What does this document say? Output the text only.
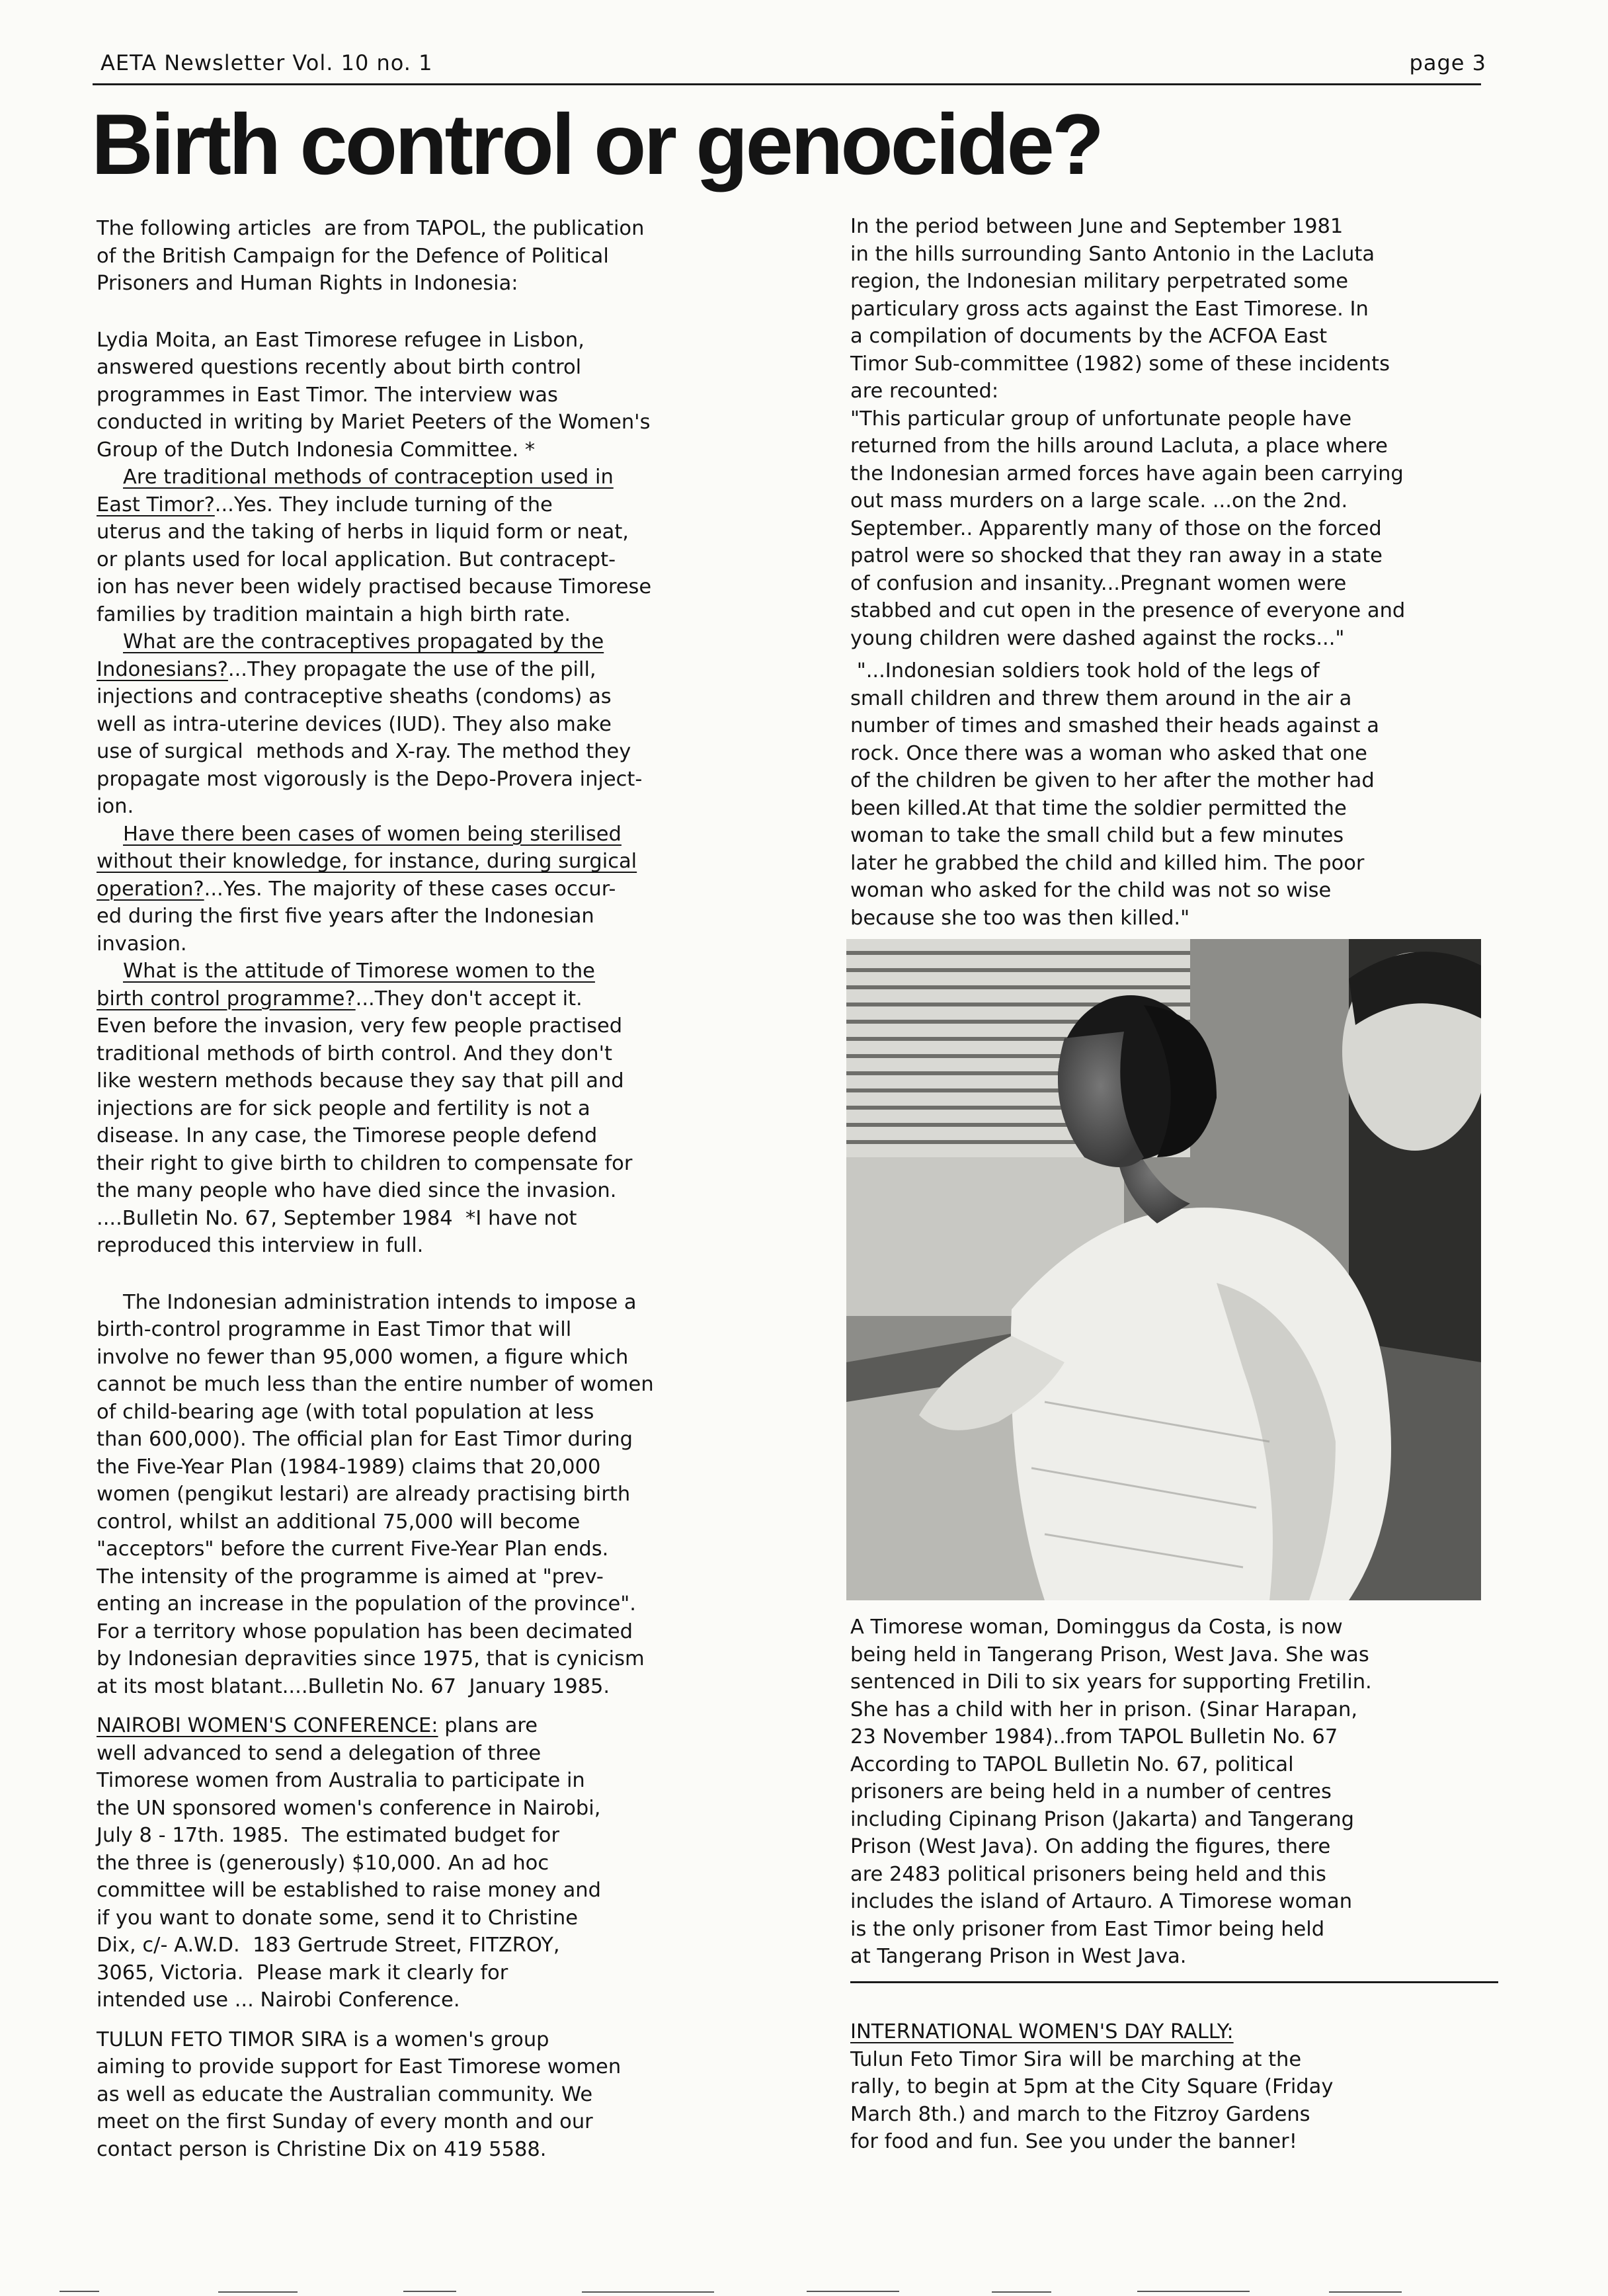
AETA Newsletter Vol. 10 no. 1	page 3
Birth control or genocide?

The following articles  are from TAPOL, the publication
of the British Campaign for the Defence of Political
Prisoners and Human Rights in Indonesia:

Lydia Moita, an East Timorese refugee in Lisbon,
answered questions recently about birth control
programmes in East Timor. The interview was
conducted in writing by Mariet Peeters of the Women's
Group of the Dutch Indonesia Committee. *

Are traditional methods of contraception used in
East Timor?...Yes. They include turning of the
uterus and the taking of herbs in liquid form or neat,
or plants used for local application. But contracept-
ion has never been widely practised because Timorese
families by tradition maintain a high birth rate.

What are the contraceptives propagated by the
Indonesians?...They propagate the use of the pill,
injections and contraceptive sheaths (condoms) as
well as intra-uterine devices (IUD). They also make
use of surgical  methods and X-ray. The method they
propagate most vigorously is the Depo-Provera inject-
ion.

Have there been cases of women being sterilised
without their knowledge, for instance, during surgical
operation?...Yes. The majority of these cases occur-
ed during the first five years after the Indonesian
invasion.

What is the attitude of Timorese women to the
birth control programme?...They don't accept it.
Even before the invasion, very few people practised
traditional methods of birth control. And they don't
like western methods because they say that pill and
injections are for sick people and fertility is not a
disease. In any case, the Timorese people defend
their right to give birth to children to compensate for
the many people who have died since the invasion.
....Bulletin No. 67, September 1984  *I have not
reproduced this interview in full.

The Indonesian administration intends to impose a
birth-control programme in East Timor that will
involve no fewer than 95,000 women, a figure which
cannot be much less than the entire number of women
of child-bearing age (with total population at less
than 600,000). The official plan for East Timor during
the Five-Year Plan (1984-1989) claims that 20,000
women (pengikut lestari) are already practising birth
control, whilst an additional 75,000 will become
"acceptors" before the current Five-Year Plan ends.
The intensity of the programme is aimed at "prev-
enting an increase in the population of the province".
For a territory whose population has been decimated
by Indonesian depravities since 1975, that is cynicism
at its most blatant....Bulletin No. 67  January 1985.

NAIROBI WOMEN'S CONFERENCE: plans are
well advanced to send a delegation of three
Timorese women from Australia to participate in
the UN sponsored women's conference in Nairobi,
July 8 - 17th. 1985.  The estimated budget for
the three is (generously) $10,000. An ad hoc
committee will be established to raise money and
if you want to donate some, send it to Christine
Dix, c/- A.W.D.  183 Gertrude Street, FITZROY,
3065, Victoria.  Please mark it clearly for
intended use ... Nairobi Conference.

TULUN FETO TIMOR SIRA is a women's group
aiming to provide support for East Timorese women
as well as educate the Australian community. We
meet on the first Sunday of every month and our
contact person is Christine Dix on 419 5588.

In the period between June and September 1981
in the hills surrounding Santo Antonio in the Lacluta
region, the Indonesian military perpetrated some
particulary gross acts against the East Timorese. In
a compilation of documents by the ACFOA East
Timor Sub-committee (1982) some of these incidents
are recounted:
"This particular group of unfortunate people have
returned from the hills around Lacluta, a place where
the Indonesian armed forces have again been carrying
out mass murders on a large scale. ...on the 2nd.
September.. Apparently many of those on the forced
patrol were so shocked that they ran away in a state
of confusion and insanity...Pregnant women were
stabbed and cut open in the presence of everyone and
young children were dashed against the rocks..."

"...Indonesian soldiers took hold of the legs of
small children and threw them around in the air a
number of times and smashed their heads against a
rock. Once there was a woman who asked that one
of the children be given to her after the mother had
been killed.At that time the soldier permitted the
woman to take the small child but a few minutes
later he grabbed the child and killed him. The poor
woman who asked for the child was not so wise
because she too was then killed."

A Timorese woman, Dominggus da Costa, is now
being held in Tangerang Prison, West Java. She was
sentenced in Dili to six years for supporting Fretilin.
She has a child with her in prison. (Sinar Harapan,
23 November 1984)..from TAPOL Bulletin No. 67
According to TAPOL Bulletin No. 67, political
prisoners are being held in a number of centres
including Cipinang Prison (Jakarta) and Tangerang
Prison (West Java). On adding the figures, there
are 2483 political prisoners being held and this
includes the island of Artauro. A Timorese woman
is the only prisoner from East Timor being held
at Tangerang Prison in West Java.

INTERNATIONAL WOMEN'S DAY RALLY:
Tulun Feto Timor Sira will be marching at the
rally, to begin at 5pm at the City Square (Friday
March 8th.) and march to the Fitzroy Gardens
for food and fun. See you under the banner!
